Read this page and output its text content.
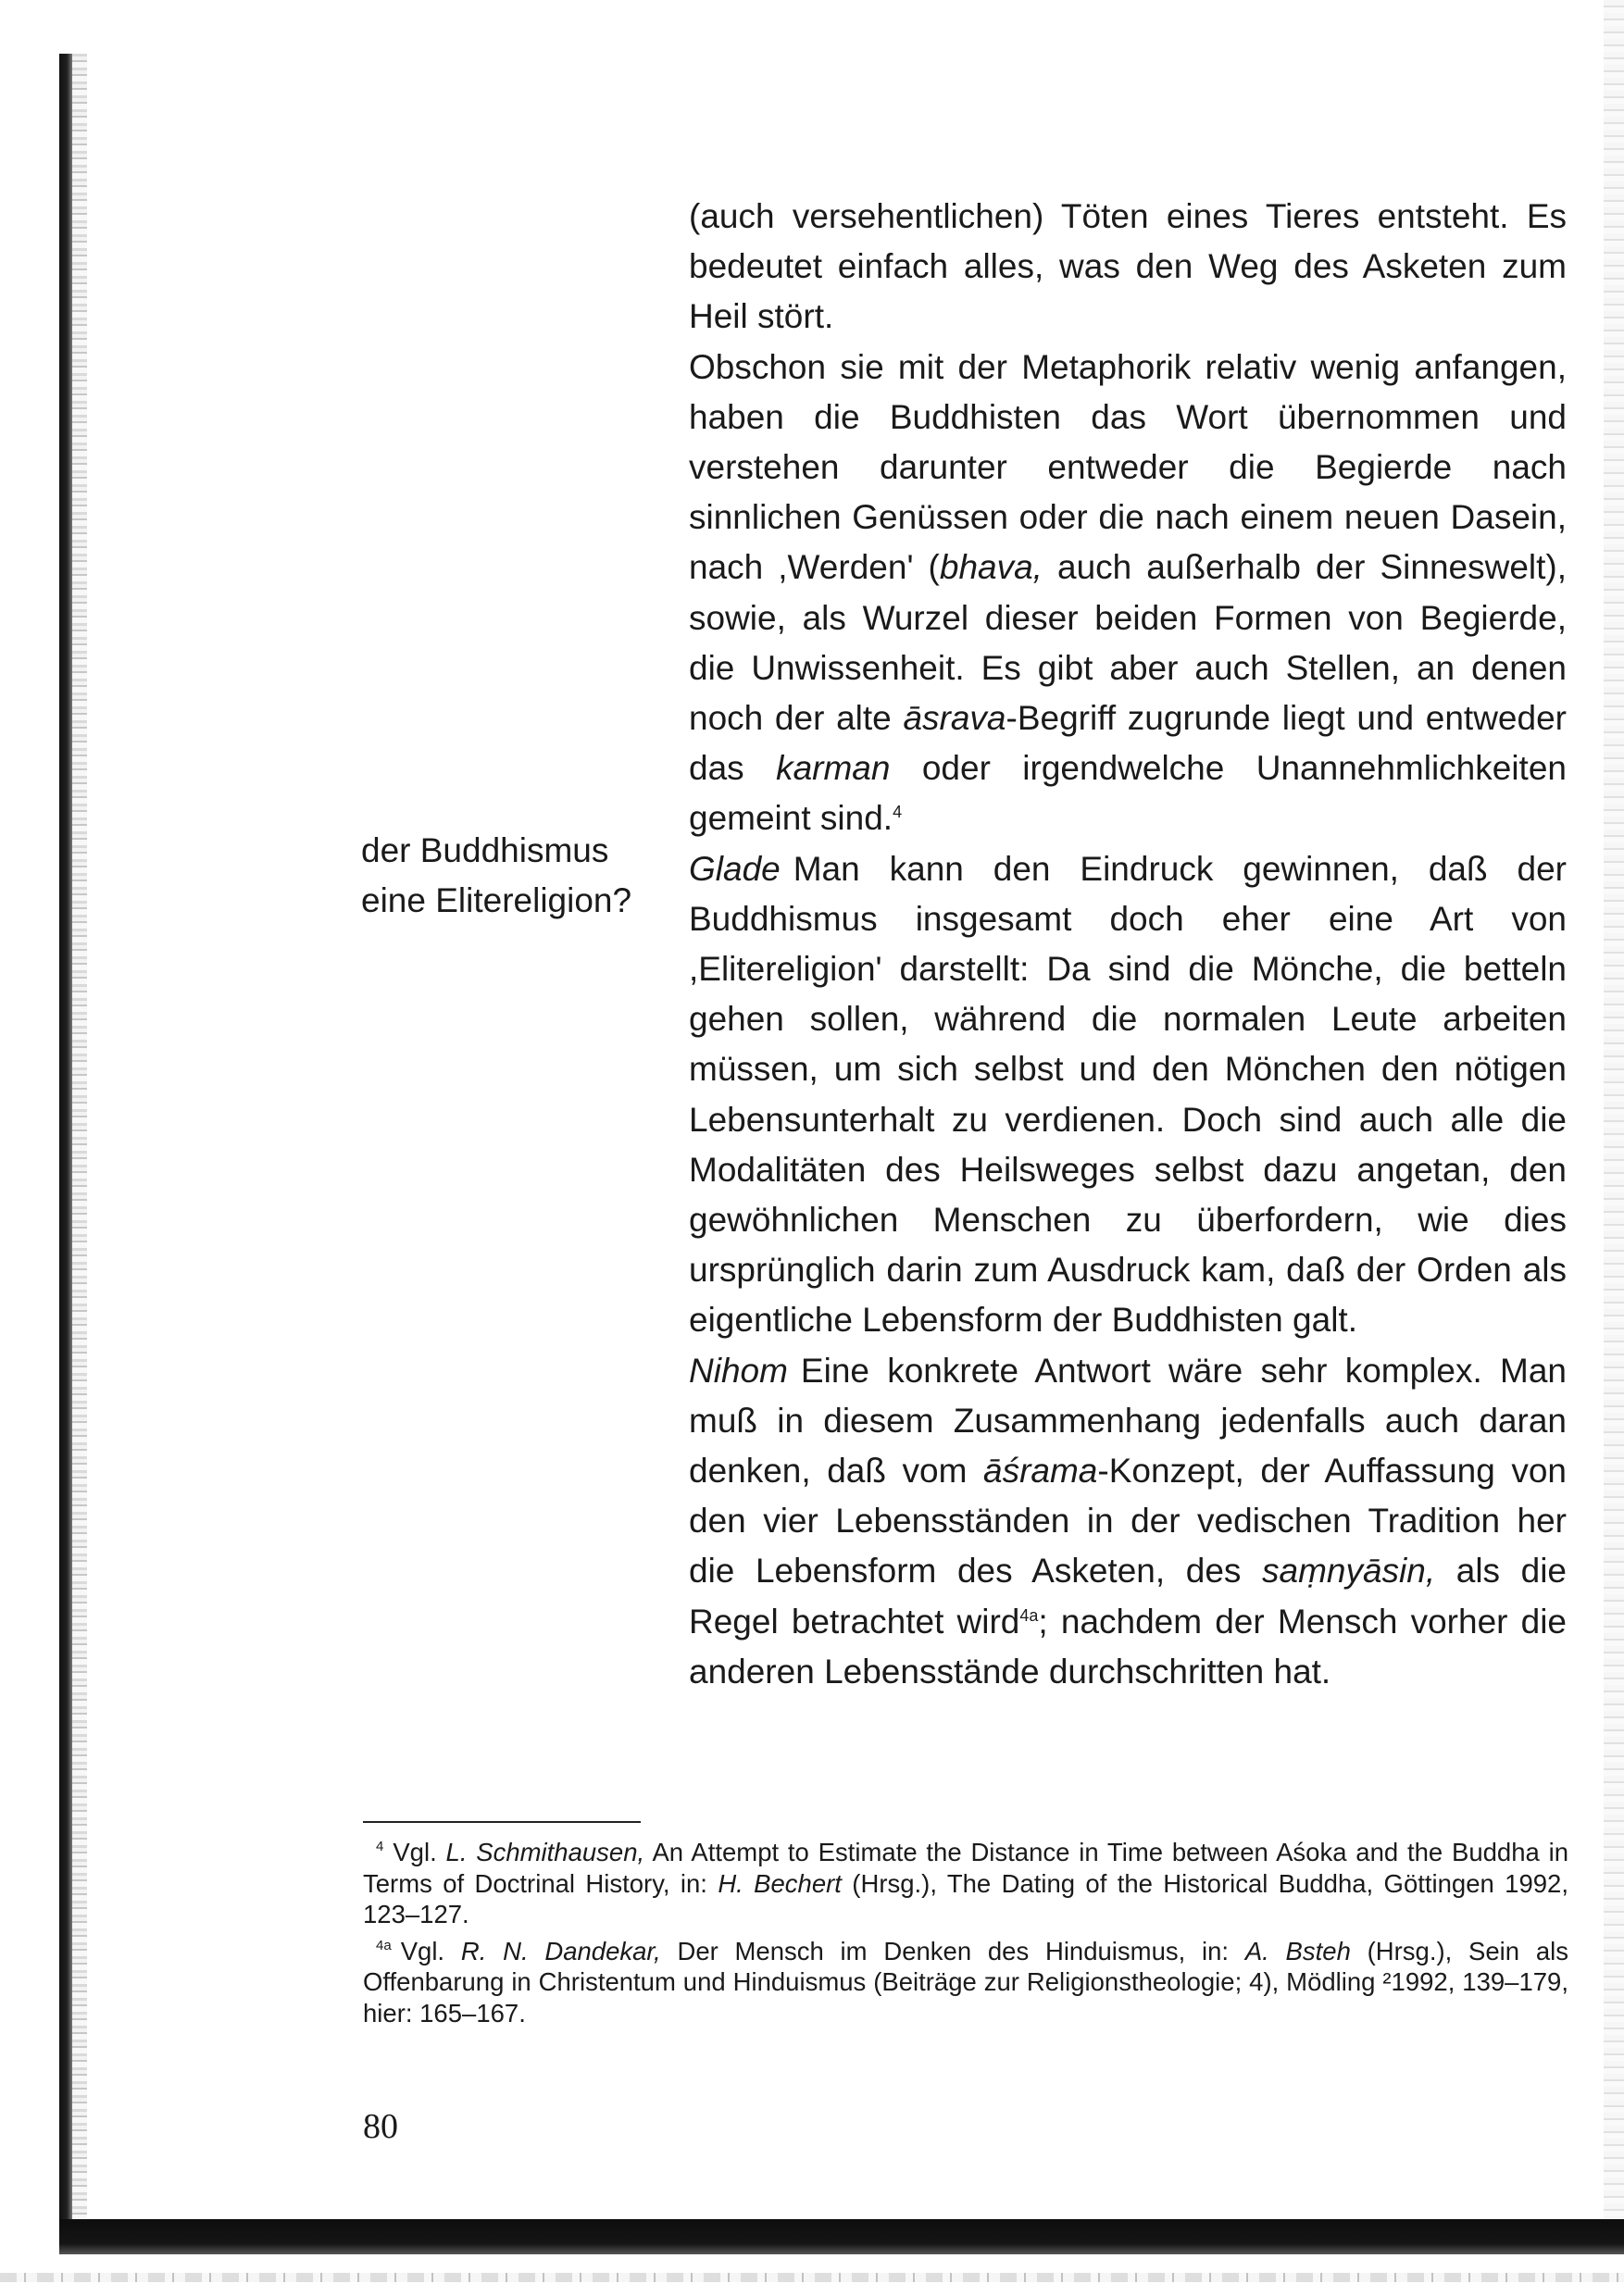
der Buddhismus eine Elitereligion?

(auch versehentlichen) Töten eines Tieres entsteht. Es bedeutet einfach alles, was den Weg des Asketen zum Heil stört.

Obschon sie mit der Metaphorik relativ wenig anfangen, haben die Buddhisten das Wort übernommen und verstehen darunter entweder die Begierde nach sinnlichen Genüssen oder die nach einem neuen Dasein, nach ,Werden' (bhava, auch außerhalb der Sinneswelt), sowie, als Wurzel dieser beiden Formen von Begierde, die Unwissenheit. Es gibt aber auch Stellen, an denen noch der alte āsrava-Begriff zugrunde liegt und entweder das karman oder irgendwelche Unannehmlichkeiten gemeint sind.$^4$

Glade Man kann den Eindruck gewinnen, daß der Buddhismus insgesamt doch eher eine Art von ,Elitereligion' darstellt: Da sind die Mönche, die betteln gehen sollen, während die normalen Leute arbeiten müssen, um sich selbst und den Mönchen den nötigen Lebensunterhalt zu verdienen. Doch sind auch alle die Modalitäten des Heilsweges selbst dazu angetan, den gewöhnlichen Menschen zu überfordern, wie dies ursprünglich darin zum Ausdruck kam, daß der Orden als eigentliche Lebensform der Buddhisten galt.

Nihom Eine konkrete Antwort wäre sehr komplex. Man muß in diesem Zusammenhang jedenfalls auch daran denken, daß vom āśrama-Konzept, der Auffassung von den vier Lebensständen in der vedischen Tradition her die Lebensform des Asketen, des saṃnyāsin, als die Regel betrachtet wird$^{4a}$; nachdem der Mensch vorher die anderen Lebensstände durchschritten hat.

$^4$ Vgl. L. Schmithausen, An Attempt to Estimate the Distance in Time between Aśoka and the Buddha in Terms of Doctrinal History, in: H. Bechert (Hrsg.), The Dating of the Historical Buddha, Göttingen 1992, 123–127.

$^{4a}$ Vgl. R. N. Dandekar, Der Mensch im Denken des Hinduismus, in: A. Bsteh (Hrsg.), Sein als Offenbarung in Christentum und Hinduismus (Beiträge zur Religionstheologie; 4), Mödling ²1992, 139–179, hier: 165–167.

80
